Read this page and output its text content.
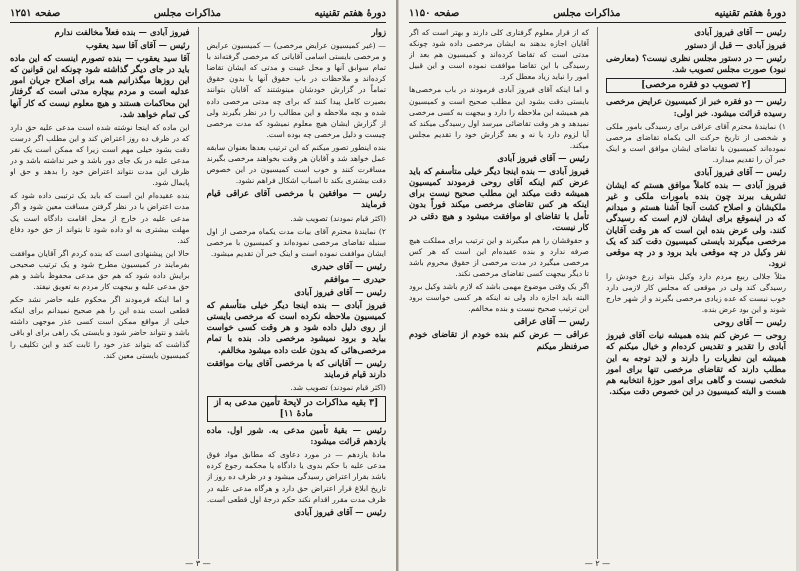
دورهٔ هفتم تقنینیه
مذاکرات مجلس
صفحه ۱۲۵۱

زوار

— (غیر کمیسیون عرایض مرخصی) — کمیسیون عرایض و مرخصی بایستی اسامی آقایانی که مرخصی گرفته‌اند با تمام سوابق آنها و محل غیبت و مدتی که ایشان تقاضا کرده‌اند و ملاحظات در باب حقوق آنها یا بدون حقوق تماماً در گزارش خودشان مینوشتند که آقایان بتوانند بصیرت کامل پیدا کنند که برای چه مدتی مرخصی داده شده و بچه ملاحظه و این مطالب را در نظر بگیرند ولی از گزارش ایشان هیچ معلوم نمیشود که مدت مرخصی چیست و دلیل مرخصی چه بوده است.

بنده اینطور تصور میکنم که این ترتیب بعد‌ها بعنوان سابقه عمل خواهد شد و آقایان هر وقت بخواهند مرخصی بگیرند مسافرت کنند و خوب است کمیسیون در این خصوص دقت بیشتری بکند تا اسباب اشکال فراهم نشود.

رئیس — موافقین با مرخصی آقای عراقی قیام فرمایند

(اکثر قیام نمودند) تصویب شد.

۲) نمایندهٔ محترم آقای بیات مدت یکماه مرخصی از اول سنبله تقاضای مرخصی نموده‌اند و کمیسیون با مرخصی ایشان موافقت نموده است و اینک خبر آن تقدیم میشود.

رئیس — آقای حیدری

حیدری — موافقم

رئیس — آقای فیروز آبادی

فیروز آبادی — بنده اینجا دیگر خیلی متأسفم که کمیسیون ملاحظه نکرده است که مرخصی بایستی از روی دلیل داده شود و هر وقت کسی خواست بیاید و برود نمیشود مرخصی داد. بنده با تمام مرخصی‌هائی که بدون علت داده میشود مخالفم.

رئیس — آقایانی که با مرخصی آقای بیات موافقت دارند قیام فرمایند

(اکثر قیام نمودند) تصویب شد.

[۳ بقیه مذاکرات در لایحهٔ تأمین مدعی به از مادهٔ ۱۱]

رئیس — بقیهٔ تأمین مدعی به. شور اول. ماده یازدهم قرائت میشود:

مادهٔ یازدهم — در مورد دعاوی که مطابق مواد فوق مدعی علیه با حکم بدوی یا دادگاه یا محکمه رجوع کرده باشد بقرار اعتراض رسیدگی میشود و در ظرف ده روز از تاریخ ابلاغ قرار اعتراض حق دارد و هرگاه مدعی علیه در ظرف مدت مقرر اقدام نکند حکم درجهٔ اول قطعی است.

رئیس — آقای فیروز آبادی

فیروز آبادی — بنده فعلاً مخالفت ندارم

رئیس — آقای آقا سید یعقوب

آقا سید یعقوب — بنده تصورم اینست که این ماده باید در جای دیگر گذاشته شود چونکه این قوانین که این روزها میگذرانیم همه برای اصلاح جریان امور عدلیه است و مردم بیچاره مدتی است که گرفتار این محاکمات هستند و هیچ معلوم نیست که کار آنها کی تمام خواهد شد.

این ماده که اینجا نوشته شده است مدعی علیه حق دارد که در ظرف ده روز اعتراض کند و این مطلب اگر درست دقت بشود خیلی مهم است زیرا که ممکن است یک نفر مدعی علیه در یک جای دور باشد و خبر نداشته باشد و در ظرف این مدت نتواند اعتراض خود را بدهد و حق او پایمال شود.

بنده عقیده‌ام این است که باید یک ترتیبی داده شود که مدت اعتراض با در نظر گرفتن مسافت معین شود و اگر مدعی علیه در خارج از محل اقامت دادگاه است یک مهلت بیشتری به او داده شود تا بتواند از حق خود دفاع کند.

حالا این پیشنهادی است که بنده کردم اگر آقایان موافقت بفرمایند در کمیسیون مطرح شود و یک ترتیب صحیحی برایش داده شود که هم حق مدعی محفوظ باشد و هم حق مدعی علیه و بیجهت کار مردم به تعویق نیفتد.

و اما اینکه فرمودند اگر محکوم علیه حاضر نشد حکم قطعی است بنده این را هم صحیح نمیدانم برای اینکه خیلی از مواقع ممکن است کسی عذر موجهی داشته باشد و نتواند حاضر شود و بایستی یک راهی برای او باقی گذاشت که بتواند عذر خود را ثابت کند و این تکلیف را کمیسیون بایستی معین کند.

— ۳ —
دورهٔ هفتم تقنینیه
مذاکرات مجلس
صفحه ۱۱۵۰

رئیس — آقای فیروز آبادی

فیروز آبادی — قبل از دستور

رئیس — در دستور مجلس نظری نیست؟ (معارضی نبود) صورت مجلس تصویب شد.

[۲ تصویب دو فقره مرخصی]

رئیس — دو فقره خبر از کمیسیون عرایض مرخصی رسیده قرائت میشود. خبر اولی:

۱) نمایندهٔ محترم آقای عراقی برای رسیدگی بامور ملکی و شخصی از تاریخ حرکت الی یکماه تقاضای مرخصی نموده‌اند کمیسیون با تقاضای ایشان موافق است و اینک خبر آن را تقدیم میدارد.

رئیس — آقای فیروز آبادی

فیروز آبادی — بنده کاملاً موافق هستم که ایشان تشریف ببرند چون بنده بامورات ملکی و غیر ملکیشان و اصلاح کشت آنجا آشنا هستم و میدانم که در اینموقع برای ایشان لازم است که رسیدگی کنند. ولی عرض بنده این است که هر وقت آقایان مرخصی میگیرند بایستی کمیسیون دقت کند که یک نفر وکیل در چه موقعی باید برود و در چه موقعی نرود.

مثلاً جلالی ربیع مردم دارد وکیل بتواند زرع خودش را رسیدگی کند ولی در موقعی که مجلس کار لازمی دارد خوب نیست که عده زیادی مرخصی بگیرند و از شهر خارج شوند و این بود عرض بنده.

رئیس — آقای روحی

روحی — عرض کنم بنده همیشه نیات آقای فیروز آبادی را تقدیر و تقدیس کرده‌ام و خیال میکنم که همیشه این نظریات را دارند و لابد توجه به این مطلب دارند که تقاضای مرخصی تنها برای امور شخصی نیست و گاهی برای امور حوزهٔ انتخابیه هم هست و البته کمیسیون در این خصوص دقت میکند.

که از قرار معلوم گرفتاری کلی دارند و بهتر است که اگر آقایان اجازه بدهند به ایشان مرخصی داده شود چونکه مدتی است که تقاضا کرده‌اند و کمیسیون هم بعد از رسیدگی با این تقاضا موافقت نموده است و این قبیل امور را نباید زیاد معطل کرد.

و اما اینکه آقای فیروز آبادی فرمودند در باب مرخصی‌ها بایستی دقت بشود این مطلب صحیح است و کمیسیون هم همیشه این ملاحظه را دارد و بیجهت به کسی مرخصی نمیدهد و هر وقت تقاضائی میرسد اول رسیدگی میکند که آیا لزوم دارد یا نه و بعد گزارش خود را تقدیم مجلس میکند.

رئیس — آقای فیروز آبادی

فیروز آبادی — بنده اینجا دیگر خیلی متأسفم که باید عرض کنم اینکه آقای روحی فرمودند کمیسیون همیشه دقت میکند این مطلب صحیح نیست برای اینکه هر کس تقاضای مرخصی میکند فوراً بدون تأمل با تقاضای او موافقت میشود و هیچ دقتی در کار نیست.

و حقوقشان را هم میگیرند و این ترتیب برای مملکت هیچ صرفه ندارد و بنده عقیده‌ام این است که هر کس مرخصی میگیرد در مدت مرخصی از حقوق محروم باشد تا دیگر بیجهت کسی تقاضای مرخصی نکند.

اگر یک وقتی موضوع مهمی باشد که لازم باشد وکیل برود البته باید اجازه داد ولی نه اینکه هر کسی خواست برود این ترتیب صحیح نیست و بنده مخالفم.

رئیس — آقای عراقی

عراقی — عرض کنم بنده خودم از تقاضای خودم صرفنظر میکنم

— ۲ —
